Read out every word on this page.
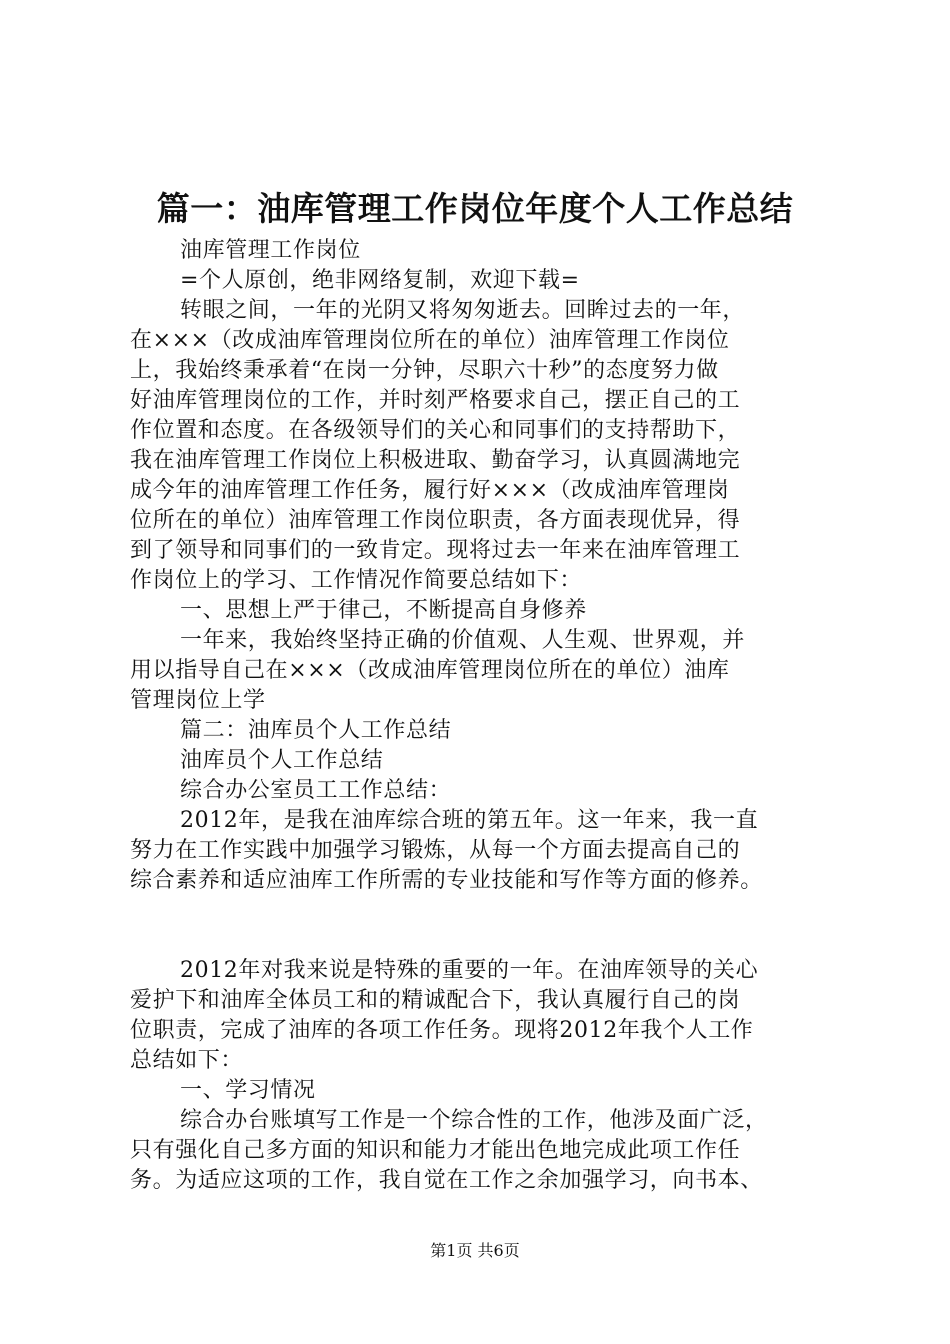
篇一：油库管理工作岗位年度个人工作总结
油库管理工作岗位
=个人原创，绝非网络复制，欢迎下载=
转眼之间，一年的光阴又将匆匆逝去。回眸过去的一年，
在×××（改成油库管理岗位所在的单位）油库管理工作岗位
上，我始终秉承着“在岗一分钟，尽职六十秒”的态度努力做
好油库管理岗位的工作，并时刻严格要求自己，摆正自己的工
作位置和态度。在各级领导们的关心和同事们的支持帮助下，
我在油库管理工作岗位上积极进取、勤奋学习，认真圆满地完
成今年的油库管理工作任务，履行好×××（改成油库管理岗
位所在的单位）油库管理工作岗位职责，各方面表现优异，得
到了领导和同事们的一致肯定。现将过去一年来在油库管理工
作岗位上的学习、工作情况作简要总结如下：
一、思想上严于律己，不断提高自身修养
一年来，我始终坚持正确的价值观、人生观、世界观，并
用以指导自己在×××（改成油库管理岗位所在的单位）油库
管理岗位上学
篇二：油库员个人工作总结
油库员个人工作总结
综合办公室员工工作总结：
2012年，是我在油库综合班的第五年。这一年来，我一直
努力在工作实践中加强学习锻炼，从每一个方面去提高自己的
综合素养和适应油库工作所需的专业技能和写作等方面的修养。
2012年对我来说是特殊的重要的一年。在油库领导的关心
爱护下和油库全体员工和的精诚配合下，我认真履行自己的岗
位职责，完成了油库的各项工作任务。现将2012年我个人工作
总结如下：
一、学习情况
综合办台账填写工作是一个综合性的工作，他涉及面广泛，
只有强化自己多方面的知识和能力才能出色地完成此项工作任
务。为适应这项的工作，我自觉在工作之余加强学习，向书本、
第1页 共6页
